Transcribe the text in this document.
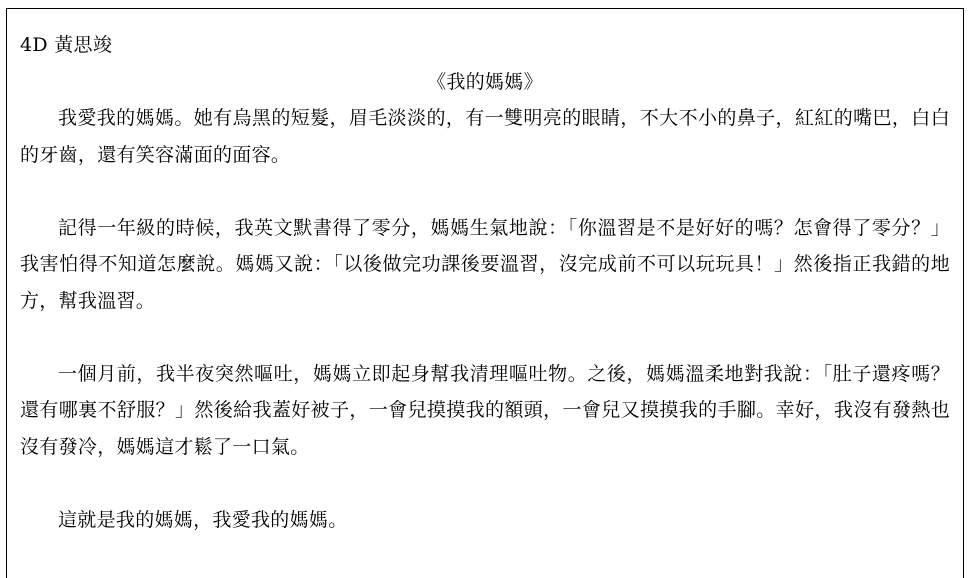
4D 黃思竣

《我的媽媽》

我愛我的媽媽。她有烏黑的短髮，眉毛淡淡的，有一雙明亮的眼睛，不大不小的鼻子，紅紅的嘴巴，白白的牙齒，還有笑容滿面的面容。

記得一年級的時候，我英文默書得了零分，媽媽生氣地說：「你溫習是不是好好的嗎？怎會得了零分？」我害怕得不知道怎麼說。媽媽又說：「以後做完功課後要溫習，沒完成前不可以玩玩具！」然後指正我錯的地方，幫我溫習。

一個月前，我半夜突然嘔吐，媽媽立即起身幫我清理嘔吐物。之後，媽媽溫柔地對我說：「肚子還疼嗎？還有哪裏不舒服？」然後給我蓋好被子，一會兒摸摸我的額頭，一會兒又摸摸我的手腳。幸好，我沒有發熱也沒有發冷，媽媽這才鬆了一口氣。

這就是我的媽媽，我愛我的媽媽。
